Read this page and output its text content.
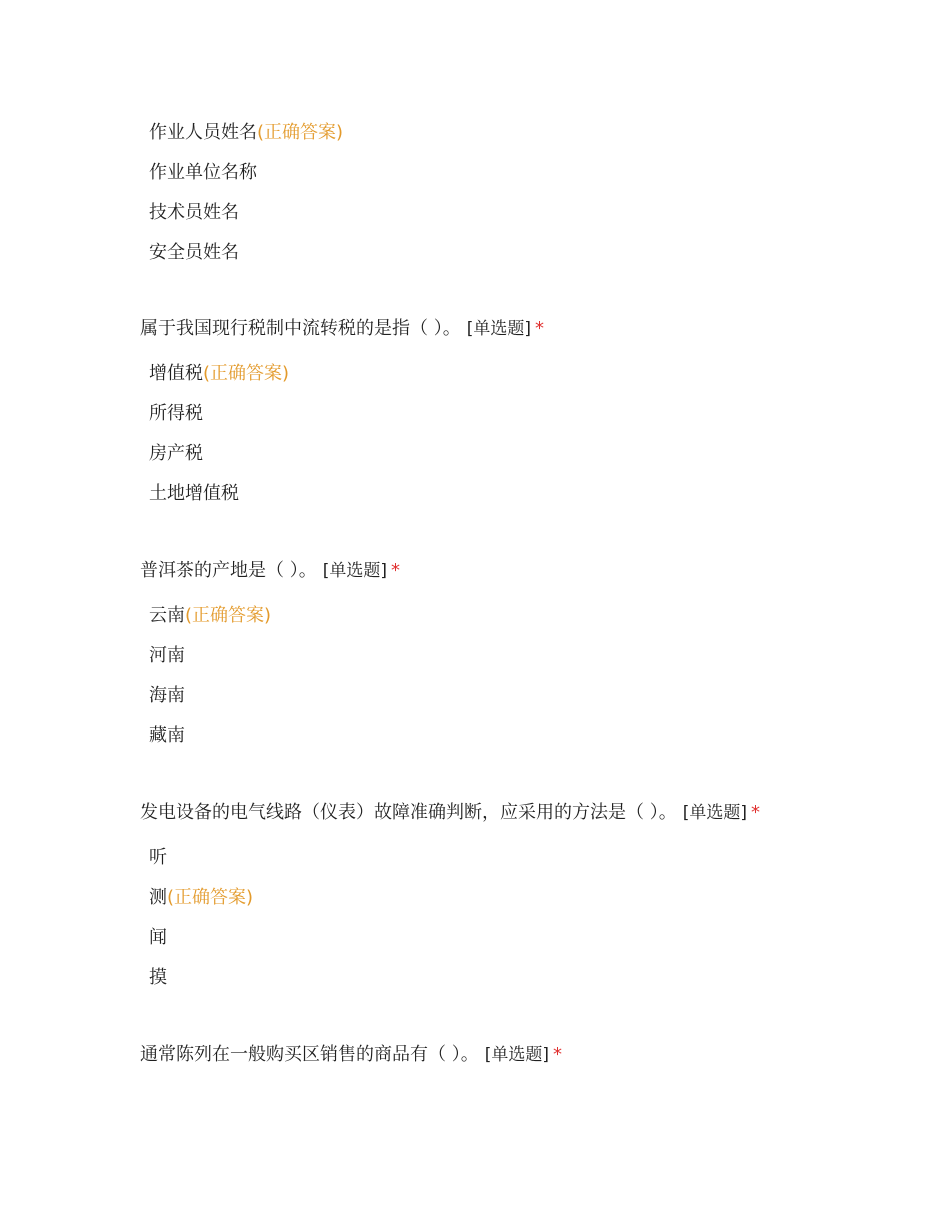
作业人员姓名(正确答案)
作业单位名称
技术员姓名
安全员姓名
属于我国现行税制中流转税的是指（ ）。 [单选题] *
增值税(正确答案)
所得税
房产税
土地增值税
普洱茶的产地是（ ）。 [单选题] *
云南(正确答案)
河南
海南
藏南
发电设备的电气线路（仪表）故障准确判断，应采用的方法是（ ）。 [单选题] *
听
测(正确答案)
闻
摸
通常陈列在一般购买区销售的商品有（ ）。 [单选题] *
